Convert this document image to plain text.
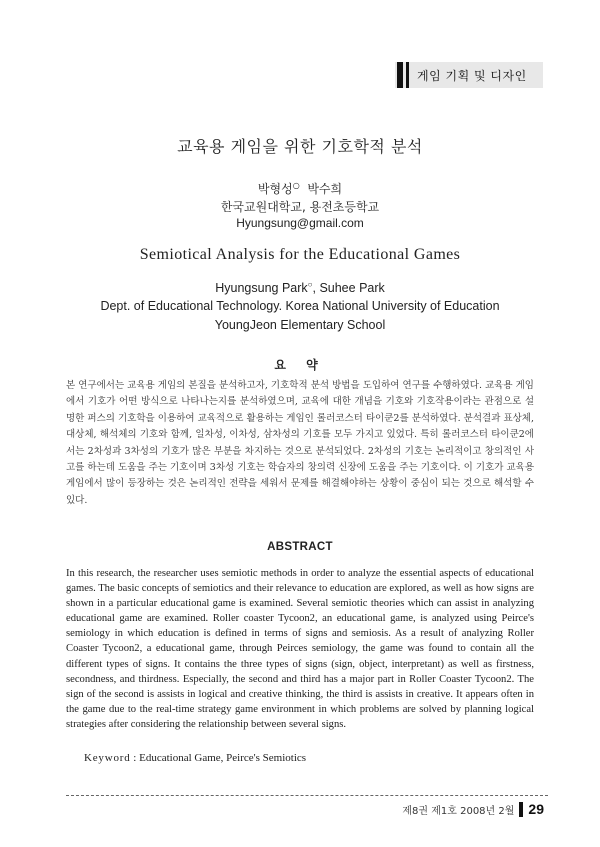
게임 기획 및 디자인
교육용 게임을 위한 기호학적 분석
박형성○ 박수희
한국교원대학교, 용전초등학교
Hyungsung@gmail.com
Semiotical Analysis for the Educational Games
Hyungsung Park○, Suhee Park
Dept. of Educational Technology. Korea National University of Education
YoungJeon Elementary School
요 약
본 연구에서는 교육용 게임의 본질을 분석하고자, 기호학적 분석 방법을 도입하여 연구를 수행하였다. 교육용 게임에서 기호가 어떤 방식으로 나타나는지를 분석하였으며, 교육에 대한 개념을 기호와 기호작용이라는 관점으로 설명한 퍼스의 기호학을 이용하여 교육적으로 활용하는 게임인 롤러코스터 타이쿤2를 분석하였다. 분석결과 표상체, 대상체, 해석체의 기호와 함께, 일차성, 이차성, 삼차성의 기호를 모두 가지고 있었다. 특히 롤러코스터 타이쿤2에서는 2차성과 3차성의 기호가 많은 부분을 차지하는 것으로 분석되었다. 2차성의 기호는 논리적이고 창의적인 사고를 하는데 도움을 주는 기호이며 3차성 기호는 학습자의 창의력 신장에 도움을 주는 기호이다. 이 기호가 교육용 게임에서 많이 등장하는 것은 논리적인 전략을 세워서 문제를 해결해야하는 상황이 중심이 되는 것으로 해석할 수 있다.
ABSTRACT
In this research, the researcher uses semiotic methods in order to analyze the essential aspects of educational games. The basic concepts of semiotics and their relevance to education are explored, as well as how signs are shown in a particular educational game is examined. Several semiotic theories which can assist in analyzing educational game are examined. Roller coaster Tycoon2, an educational game, is analyzed using Peirce's semiology in which education is defined in terms of signs and semiosis. As a result of analyzing Roller Coaster Tycoon2, a educational game, through Peirces semiology, the game was found to contain all the different types of signs. It contains the three types of signs (sign, object, interpretant) as well as firstness, secondness, and thirdness. Especially, the second and third has a major part in Roller Coaster Tycoon2. The sign of the second is assists in logical and creative thinking, the third is assists in creative. It appears often in the game due to the real-time strategy game environment in which problems are solved by planning logical strategies after considering the relationship between several signs.
Keyword : Educational Game, Peirce's Semiotics
제8권 제1호 2008년 2월 29
